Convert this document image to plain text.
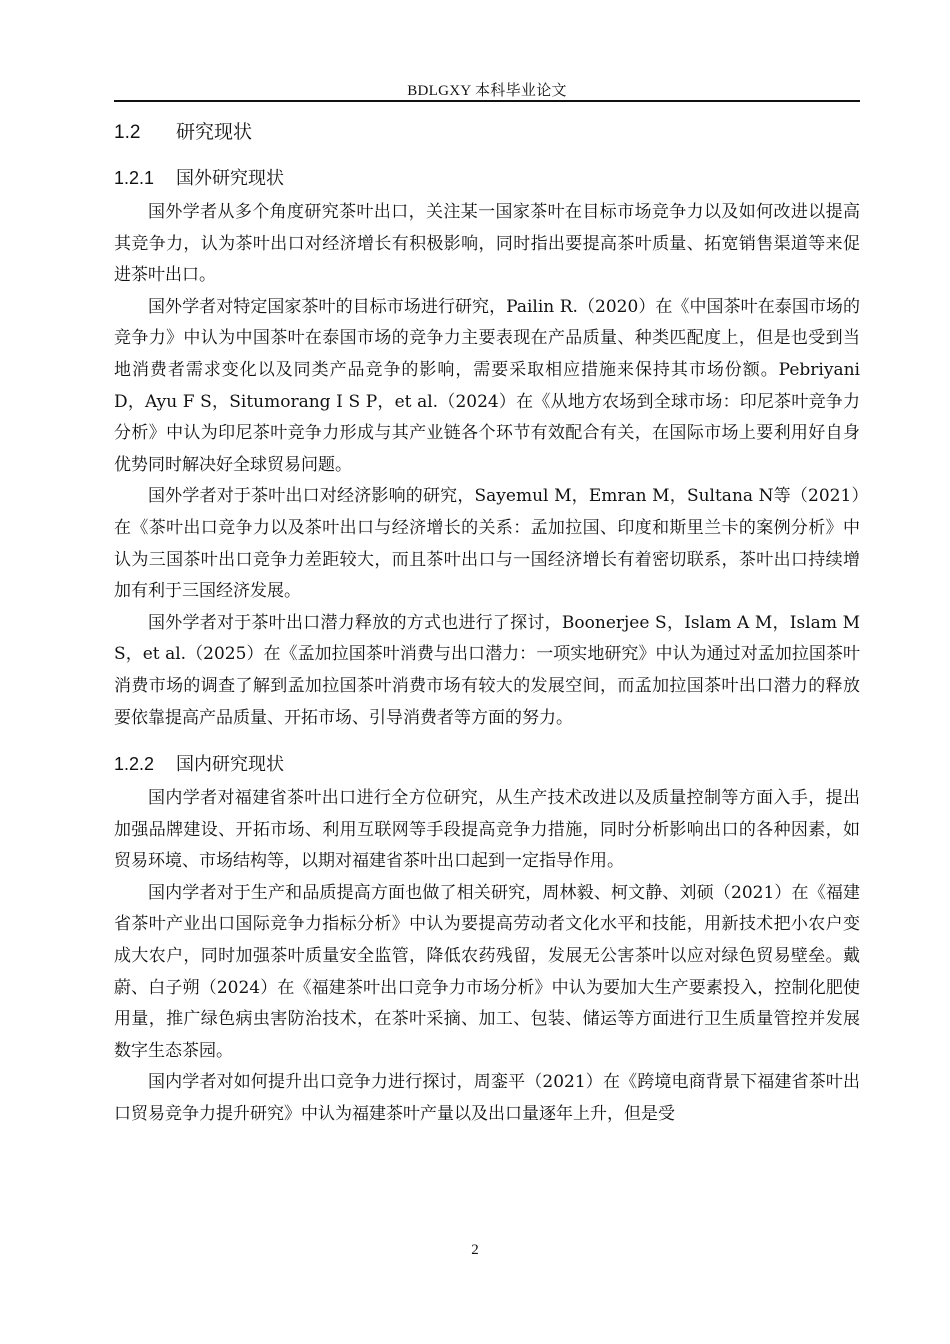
BDLGXY 本科毕业论文
1.2 研究现状
1.2.1 国外研究现状

国外学者从多个角度研究茶叶出口，关注某一国家茶叶在目标市场竞争力以及如何改进以提高其竞争力，认为茶叶出口对经济增长有积极影响，同时指出要提高茶叶质量、拓宽销售渠道等来促进茶叶出口。

国外学者对特定国家茶叶的目标市场进行研究，Pailin R.（2020）在《中国茶叶在泰国市场的竞争力》中认为中国茶叶在泰国市场的竞争力主要表现在产品质量、种类匹配度上，但是也受到当地消费者需求变化以及同类产品竞争的影响，需要采取相应措施来保持其市场份额。Pebriyani D，Ayu F S，Situmorang I S P，et al.（2024）在《从地方农场到全球市场：印尼茶叶竞争力分析》中认为印尼茶叶竞争力形成与其产业链各个环节有效配合有关，在国际市场上要利用好自身优势同时解决好全球贸易问题。

国外学者对于茶叶出口对经济影响的研究，Sayemul M，Emran M，Sultana N等（2021）在《茶叶出口竞争力以及茶叶出口与经济增长的关系：孟加拉国、印度和斯里兰卡的案例分析》中认为三国茶叶出口竞争力差距较大，而且茶叶出口与一国经济增长有着密切联系，茶叶出口持续增加有利于三国经济发展。

国外学者对于茶叶出口潜力释放的方式也进行了探讨，Boonerjee S，Islam A M，Islam M S，et al.（2025）在《孟加拉国茶叶消费与出口潜力：一项实地研究》中认为通过对孟加拉国茶叶消费市场的调查了解到孟加拉国茶叶消费市场有较大的发展空间，而孟加拉国茶叶出口潜力的释放要依靠提高产品质量、开拓市场、引导消费者等方面的努力。

1.2.2 国内研究现状

国内学者对福建省茶叶出口进行全方位研究，从生产技术改进以及质量控制等方面入手，提出加强品牌建设、开拓市场、利用互联网等手段提高竞争力措施，同时分析影响出口的各种因素，如贸易环境、市场结构等，以期对福建省茶叶出口起到一定指导作用。

国内学者对于生产和品质提高方面也做了相关研究，周林毅、柯文静、刘硕（2021）在《福建省茶叶产业出口国际竞争力指标分析》中认为要提高劳动者文化水平和技能，用新技术把小农户变成大农户，同时加强茶叶质量安全监管，降低农药残留，发展无公害茶叶以应对绿色贸易壁垒。戴蔚、白子朔（2024）在《福建茶叶出口竞争力市场分析》中认为要加大生产要素投入，控制化肥使用量，推广绿色病虫害防治技术，在茶叶采摘、加工、包装、储运等方面进行卫生质量管控并发展数字生态茶园。

国内学者对如何提升出口竞争力进行探讨，周銮平（2021）在《跨境电商背景下福建省茶叶出口贸易竞争力提升研究》中认为福建茶叶产量以及出口量逐年上升，但是受

2
